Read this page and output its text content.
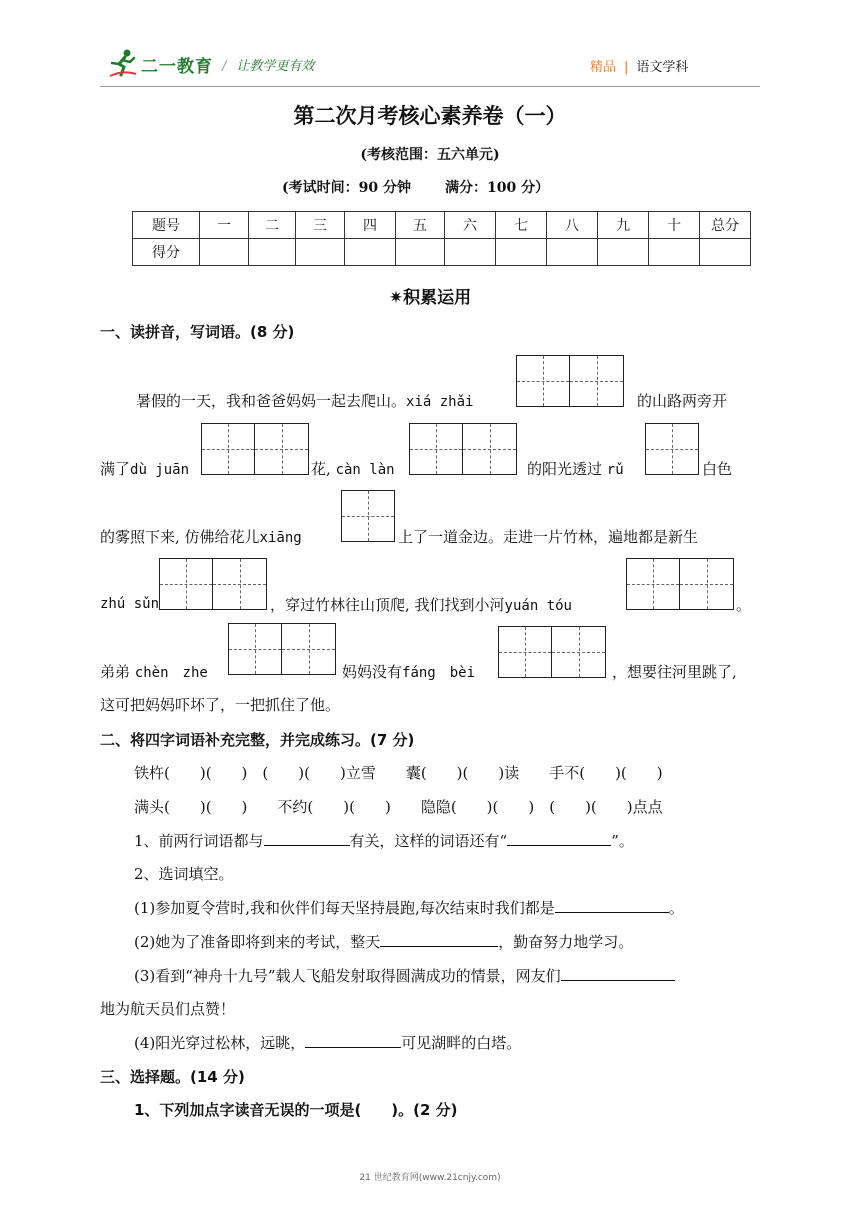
二一教育 / 让教学更有效	精品 | 语文学科
第二次月考核心素养卷（一）
(考核范围：五六单元)
(考试时间：90 分钟 满分：100 分）
题号	一	二	三	四	五	六	七	八	九	十	总分
得分											
✷积累运用
一、读拼音，写词语。(8 分)
暑假的一天，我和爸爸妈妈一起去爬山。xiá zhǎi	的山路两旁开
满了dù juān	花, càn làn	的阳光透过 rǔ	白色
的雾照下来, 仿佛给花儿xiāng	上了一道金边。走进一片竹林，遍地都是新生
zhú sǔn	，穿过竹林往山顶爬, 我们找到小河yuán tóu	。
弟弟 chèn　zhe	妈妈没有fáng　bèi	，想要往河里跳了,
这可把妈妈吓坏了，一把抓住了他。
二、将四字词语补充完整，并完成练习。(7 分)
铁杵(　　)(　　)　(　　)(　　)立雪　　囊(　　)(　　)读　　手不(　　)(　　)
满头(　　)(　　)　　不约(　　)(　　)　　隐隐(　　)(　　)　(　　)(　　)点点
1、前两行词语都与	有关，这样的词语还有“	”。
2、选词填空。
(1)参加夏令营时,我和伙伴们每天坚持晨跑,每次结束时我们都是	。
(2)她为了准备即将到来的考试，整天	，勤奋努力地学习。
(3)看到“神舟十九号”载人飞船发射取得圆满成功的情景，网友们
地为航天员们点赞！
(4)阳光穿过松林，远眺，	可见湖畔的白塔。
三、选择题。(14 分)
1、下列加点字读音无误的一项是(　　)。(2 分)
21 世纪教育网(www.21cnjy.com)
